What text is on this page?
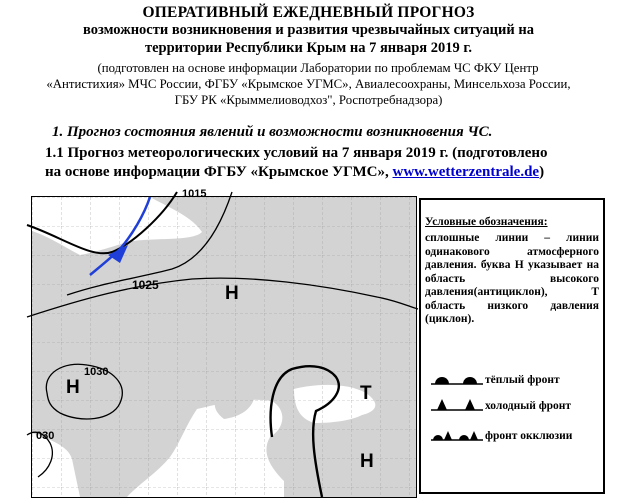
ОПЕРАТИВНЫЙ ЕЖЕДНЕВНЫЙ ПРОГНОЗ
возможности возникновения и развития чрезвычайных ситуаций на
территории Республики Крым на 7 января 2019 г.
(подготовлен на основе информации Лаборатории по проблемам ЧС ФКУ Центр
«Антистихия» МЧС России, ФГБУ «Крымское УГМС», Авиалесоохраны, Минсельхоза России,
ГБУ РК «Крыммелиоводхоз", Роспотребнадзора)
1. Прогноз состояния явлений и возможности возникновения ЧС.
1.1 Прогноз метеорологических условий на 7 января 2019 г. (подготовлено
на основе информации ФГБУ «Крымское УГМС», www.wetterzentrale.de)
1015
1025
1030
030
Н
Н	Т
Н
Условные обозначения:
сплошные линии – линии одинакового атмосферного давления. буква Н указывает на область высокого давления(антициклон), Т область низкого давления (циклон).
тёплый фронт
холодный фронт
фронт окклюзии
